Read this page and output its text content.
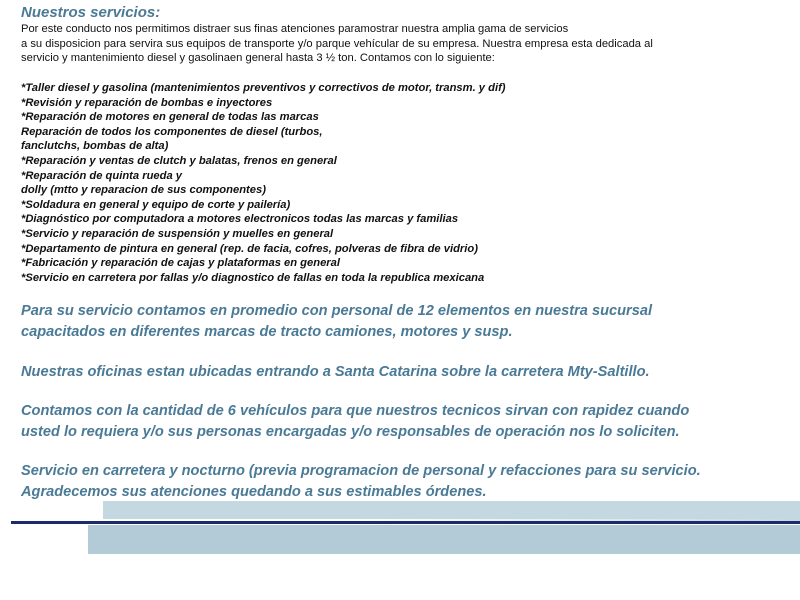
Nuestros servicios:
Por este conducto nos permitimos distraer sus finas atenciones paramostrar nuestra amplia gama de servicios
a su disposicion para servira sus equipos de transporte y/o parque vehícular de su empresa. Nuestra empresa esta dedicada al
servicio y mantenimiento diesel y gasolinaen general hasta 3 ½ ton. Contamos con lo siguiente:
*Taller diesel y gasolina (mantenimientos preventivos y correctivos de motor, transm. y dif)
*Revisión y reparación de bombas e inyectores
*Reparación de motores en general de todas las marcas
Reparación de todos los componentes de diesel (turbos,
fanclutchs, bombas de alta)
*Reparación y ventas de clutch y balatas, frenos en general
*Reparación de quinta rueda y
dolly (mtto y reparacion de sus componentes)
*Soldadura en general y equipo de corte y pailería)
*Diagnóstico por computadora a motores electronicos todas las marcas y familias
*Servicio y reparación de suspensión y muelles en general
*Departamento de pintura en general (rep. de facia, cofres, polveras de fibra de vidrio)
*Fabricación y reparación de cajas y plataformas en general
*Servicio en carretera por fallas y/o diagnostico de fallas en toda la republica mexicana
Para su servicio contamos en promedio con personal de 12 elementos en nuestra sucursal
capacitados en diferentes marcas de tracto camiones, motores y susp.
Nuestras oficinas estan ubicadas entrando a Santa Catarina sobre la carretera Mty-Saltillo.
Contamos con la cantidad de 6 vehículos para que nuestros tecnicos sirvan con rapidez cuando
usted lo requiera y/o sus personas encargadas y/o responsables de operación nos lo soliciten.
Servicio en carretera y nocturno (previa programacion de personal y refacciones para su servicio.
Agradecemos sus atenciones quedando a sus estimables órdenes.
